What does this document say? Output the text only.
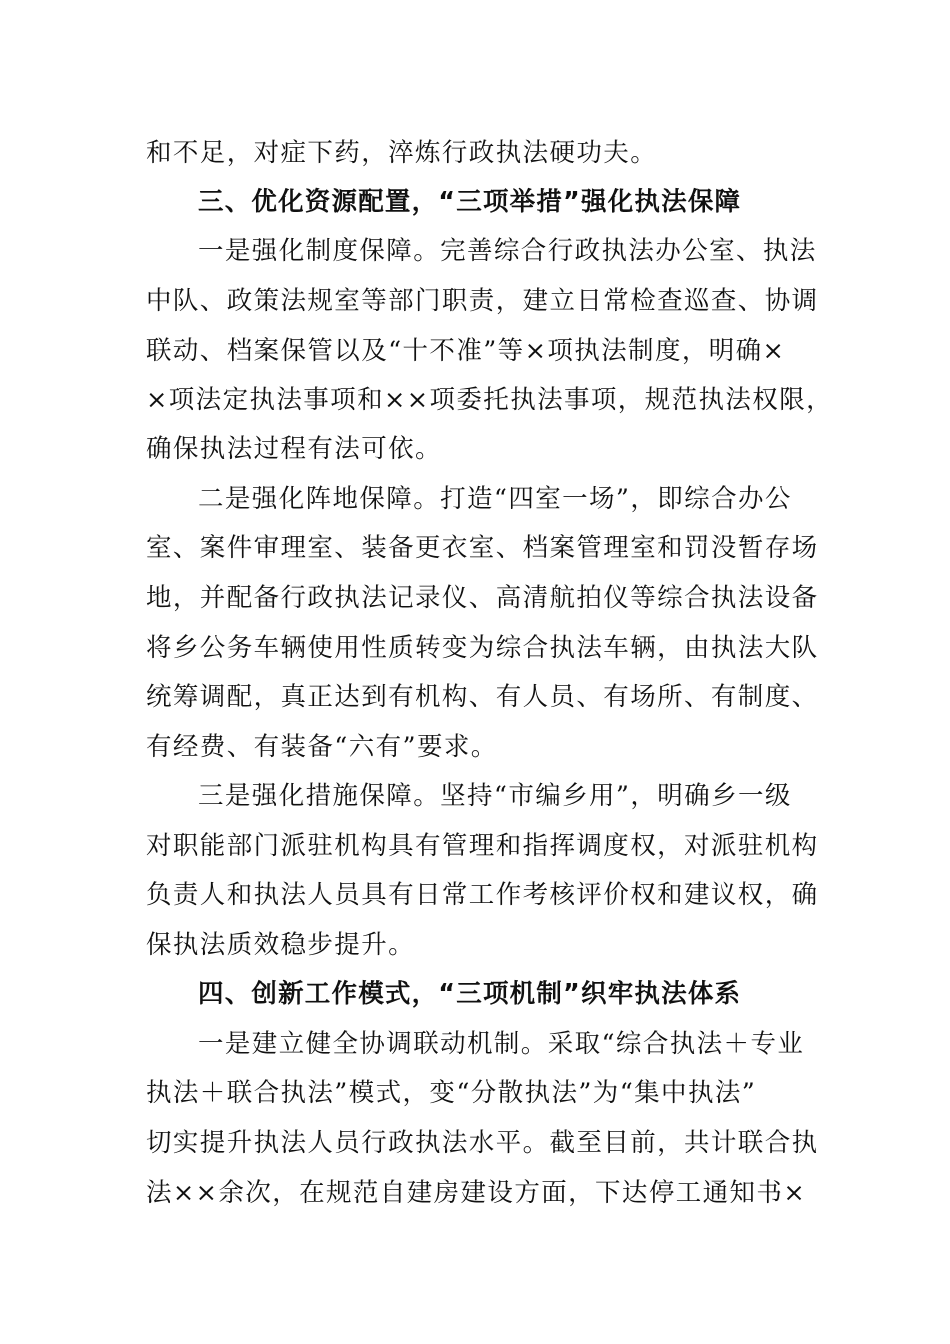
和不足，对症下药，淬炼行政执法硬功夫。
三、优化资源配置，“三项举措”强化执法保障
一是强化制度保障。完善综合行政执法办公室、执法
中队、政策法规室等部门职责，建立日常检查巡查、协调
联动、档案保管以及“十不准”等×项执法制度，明确×
×项法定执法事项和××项委托执法事项，规范执法权限，
确保执法过程有法可依。
二是强化阵地保障。打造“四室一场”，即综合办公
室、案件审理室、装备更衣室、档案管理室和罚没暂存场
地，并配备行政执法记录仪、高清航拍仪等综合执法设备
将乡公务车辆使用性质转变为综合执法车辆，由执法大队
统筹调配，真正达到有机构、有人员、有场所、有制度、
有经费、有装备“六有”要求。
三是强化措施保障。坚持“市编乡用”，明确乡一级
对职能部门派驻机构具有管理和指挥调度权，对派驻机构
负责人和执法人员具有日常工作考核评价权和建议权，确
保执法质效稳步提升。
四、创新工作模式，“三项机制”织牢执法体系
一是建立健全协调联动机制。采取“综合执法＋专业
执法＋联合执法”模式，变“分散执法”为“集中执法”
切实提升执法人员行政执法水平。截至目前，共计联合执
法××余次，在规范自建房建设方面，下达停工通知书×
